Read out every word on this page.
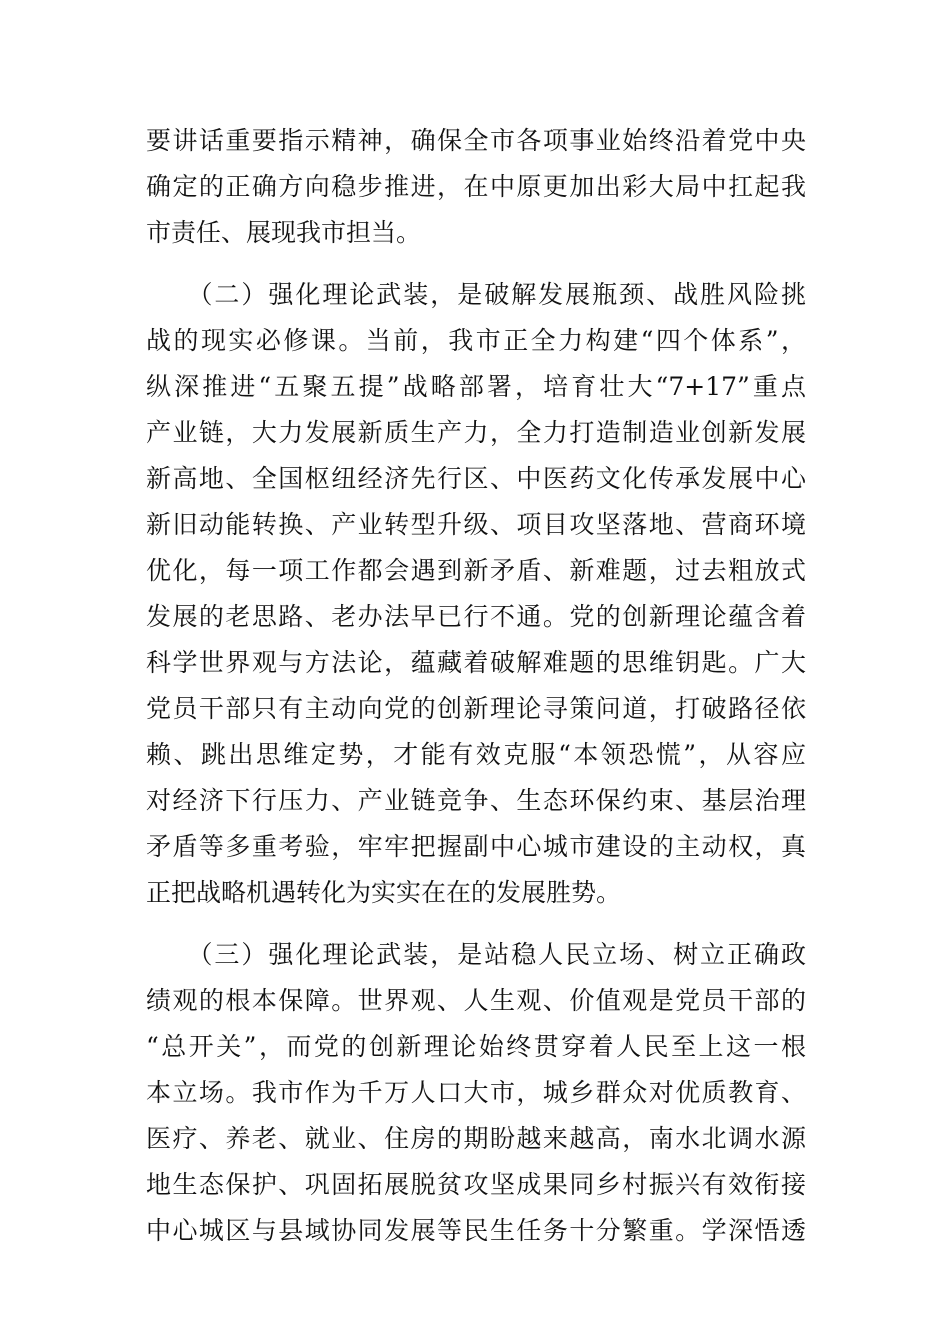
要讲话重要指示精神，确保全市各项事业始终沿着党中央
确定的正确方向稳步推进，在中原更加出彩大局中扛起我
市责任、展现我市担当。
　　（二）强化理论武装，是破解发展瓶颈、战胜风险挑
战的现实必修课。当前，我市正全力构建“四个体系”，
纵深推进“五聚五提”战略部署，培育壮大“7+17”重点
产业链，大力发展新质生产力，全力打造制造业创新发展
新高地、全国枢纽经济先行区、中医药文化传承发展中心
新旧动能转换、产业转型升级、项目攻坚落地、营商环境
优化，每一项工作都会遇到新矛盾、新难题，过去粗放式
发展的老思路、老办法早已行不通。党的创新理论蕴含着
科学世界观与方法论，蕴藏着破解难题的思维钥匙。广大
党员干部只有主动向党的创新理论寻策问道，打破路径依
赖、跳出思维定势，才能有效克服“本领恐慌”，从容应
对经济下行压力、产业链竞争、生态环保约束、基层治理
矛盾等多重考验，牢牢把握副中心城市建设的主动权，真
正把战略机遇转化为实实在在的发展胜势。
　　（三）强化理论武装，是站稳人民立场、树立正确政
绩观的根本保障。世界观、人生观、价值观是党员干部的
“总开关”，而党的创新理论始终贯穿着人民至上这一根
本立场。我市作为千万人口大市，城乡群众对优质教育、
医疗、养老、就业、住房的期盼越来越高，南水北调水源
地生态保护、巩固拓展脱贫攻坚成果同乡村振兴有效衔接
中心城区与县域协同发展等民生任务十分繁重。学深悟透
